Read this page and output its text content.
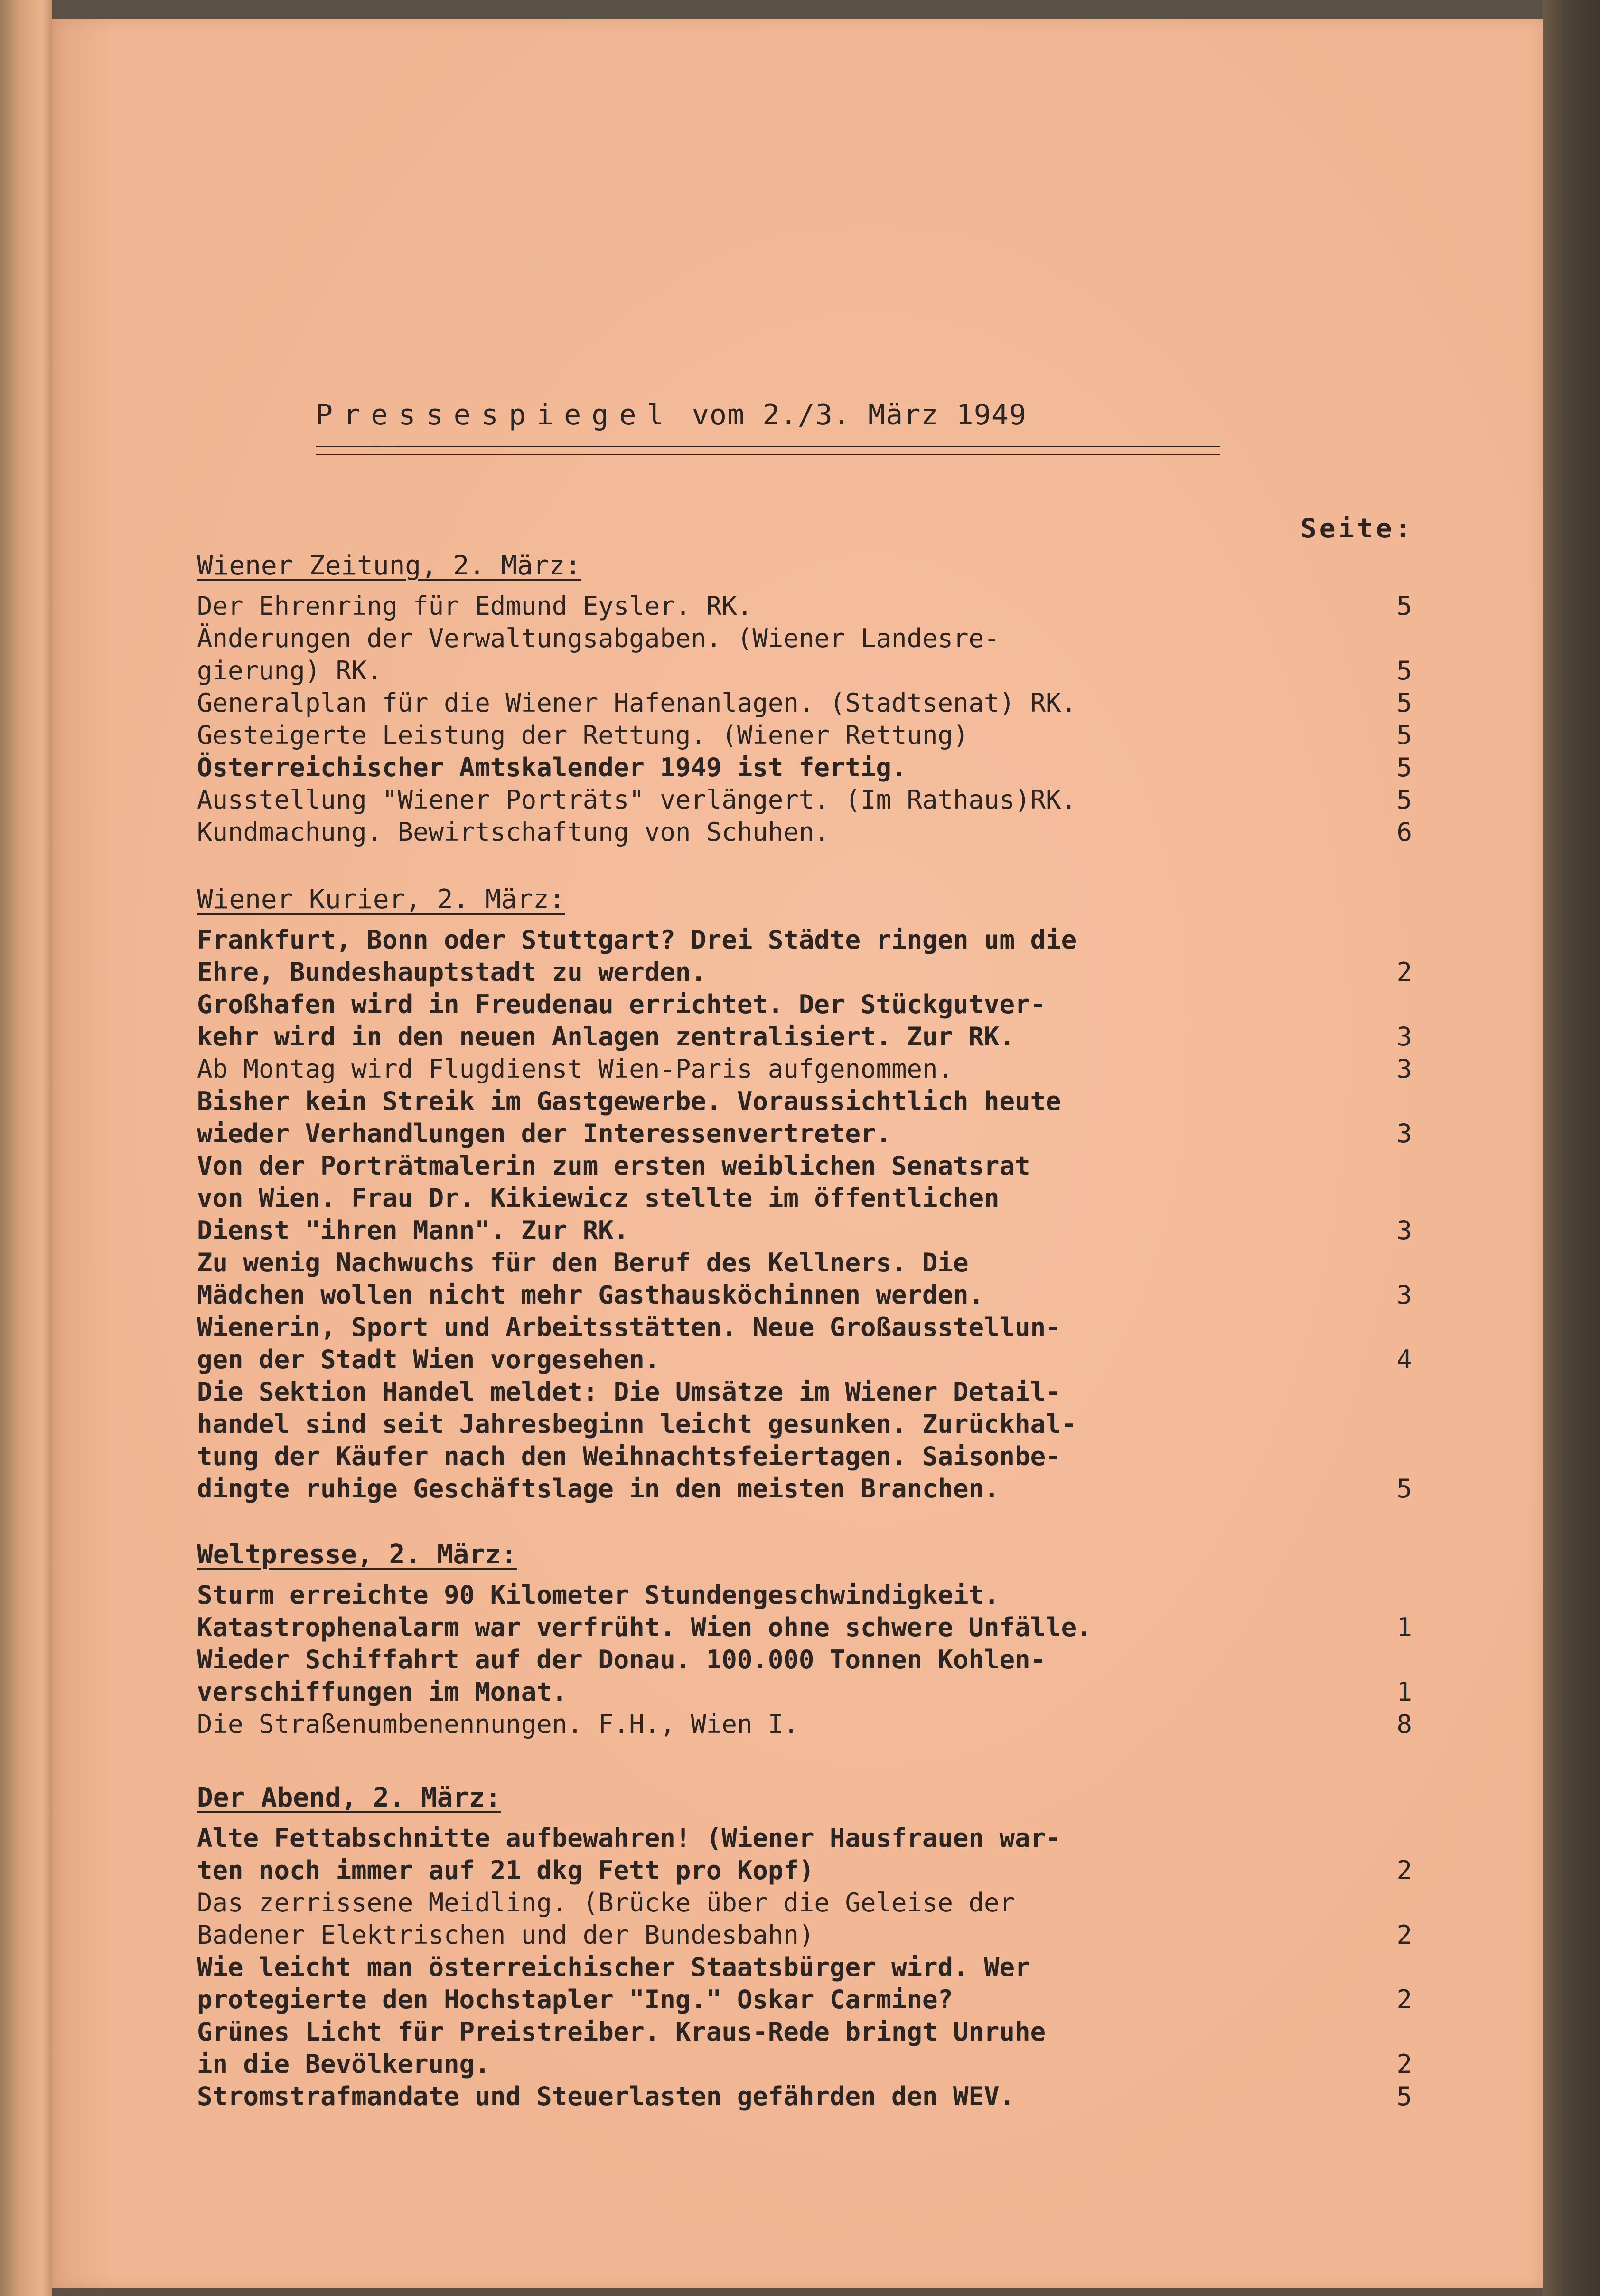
Pressespiegel vom 2./3. März 1949
Seite:
Wiener Zeitung, 2. März:
Der Ehrenring für Edmund Eysler. RK.	5
Änderungen der Verwaltungsabgaben. (Wiener Landesre-
gierung) RK.	5
Generalplan für die Wiener Hafenanlagen. (Stadtsenat) RK.	5
Gesteigerte Leistung der Rettung. (Wiener Rettung)	5
Österreichischer Amtskalender 1949 ist fertig.	5
Ausstellung "Wiener Porträts" verlängert. (Im Rathaus)RK.	5
Kundmachung. Bewirtschaftung von Schuhen.	6
Wiener Kurier, 2. März:
Frankfurt, Bonn oder Stuttgart? Drei Städte ringen um die
Ehre, Bundeshauptstadt zu werden.	2
Großhafen wird in Freudenau errichtet. Der Stückgutver-
kehr wird in den neuen Anlagen zentralisiert. Zur RK.	3
Ab Montag wird Flugdienst Wien-Paris aufgenommen.	3
Bisher kein Streik im Gastgewerbe. Voraussichtlich heute
wieder Verhandlungen der Interessenvertreter.	3
Von der Porträtmalerin zum ersten weiblichen Senatsrat
von Wien. Frau Dr. Kikiewicz stellte im öffentlichen
Dienst "ihren Mann". Zur RK.	3
Zu wenig Nachwuchs für den Beruf des Kellners. Die
Mädchen wollen nicht mehr Gasthausköchinnen werden.	3
Wienerin, Sport und Arbeitsstätten. Neue Großausstellun-
gen der Stadt Wien vorgesehen.	4
Die Sektion Handel meldet: Die Umsätze im Wiener Detail-
handel sind seit Jahresbeginn leicht gesunken. Zurückhal-
tung der Käufer nach den Weihnachtsfeiertagen. Saisonbe-
dingte ruhige Geschäftslage in den meisten Branchen.	5
Weltpresse, 2. März:
Sturm erreichte 90 Kilometer Stundengeschwindigkeit.
Katastrophenalarm war verfrüht. Wien ohne schwere Unfälle.	1
Wieder Schiffahrt auf der Donau. 100.000 Tonnen Kohlen-
verschiffungen im Monat.	1
Die Straßenumbenennungen. F.H., Wien I.	8
Der Abend, 2. März:
Alte Fettabschnitte aufbewahren! (Wiener Hausfrauen war-
ten noch immer auf 21 dkg Fett pro Kopf)	2
Das zerrissene Meidling. (Brücke über die Geleise der
Badener Elektrischen und der Bundesbahn)	2
Wie leicht man österreichischer Staatsbürger wird. Wer
protegierte den Hochstapler "Ing." Oskar Carmine?	2
Grünes Licht für Preistreiber. Kraus-Rede bringt Unruhe
in die Bevölkerung.	2
Stromstrafmandate und Steuerlasten gefährden den WEV.	5
